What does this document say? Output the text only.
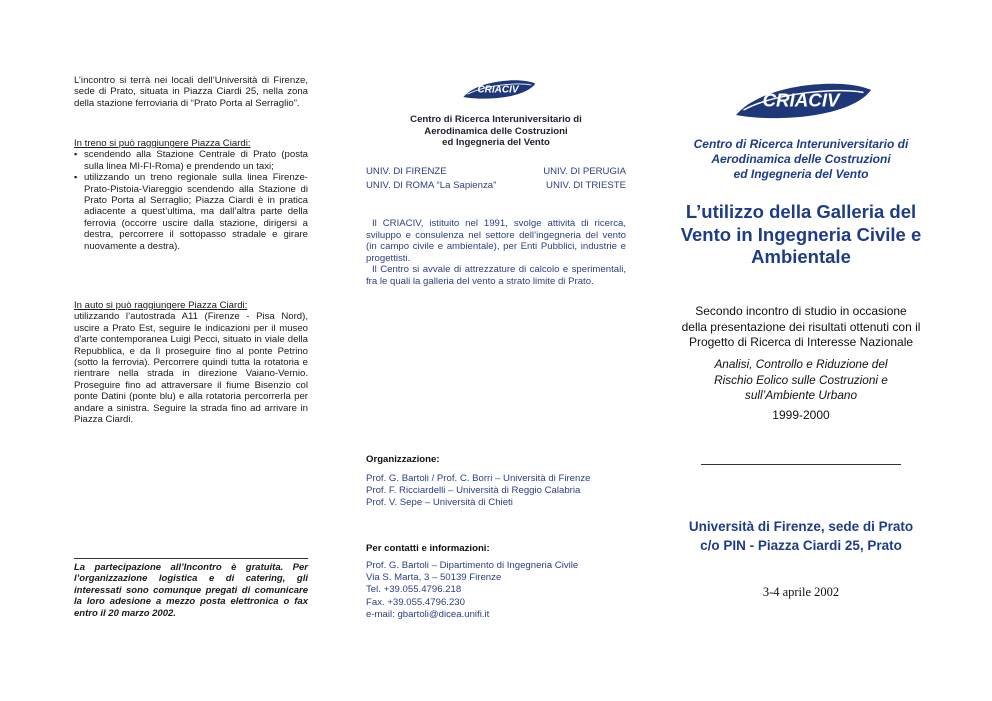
L’incontro si terrà nei locali dell’Università di Firenze, sede di Prato, situata in Piazza Ciardi 25, nella zona della stazione ferroviaria di “Prato Porta al Serraglio”.

In treno si può raggiungere Piazza Ciardi:

▪ scendendo alla Stazione Centrale di Prato (posta sulla linea MI-FI-Roma) e prendendo un taxi;
▪ utilizzando un treno regionale sulla linea Firenze-Prato-Pistoia-Viareggio scendendo alla Stazione di Prato Porta al Serraglio; Piazza Ciardi è in pratica adiacente a quest’ultima, ma dall’altra parte della ferrovia (occorre uscire dalla stazione, dirigersi a destra, percorrere il sottopasso stradale e girare nuovamente a destra).

In auto si può raggiungere Piazza Ciardi:

utilizzando l’autostrada A11 (Firenze - Pisa Nord), uscire a Prato Est, seguire le indicazioni per il museo d'arte contemporanea Luigi Pecci, situato in viale della Repubblica, e da lì proseguire fino al ponte Petrino (sotto la ferrovia). Percorrere quindi tutta la rotatoria e rientrare nella strada in direzione Vaiano-Vernio. Proseguire fino ad attraversare il fiume Bisenzio col ponte Datini (ponte blu) e alla rotatoria percorrerla per andare a sinistra. Seguire la strada fino ad arrivare in Piazza Ciardi.

La partecipazione all’Incontro è gratuita. Per l’organizzazione logistica e di catering, gli interessati sono comunque pregati di comunicare la loro adesione a mezzo posta elettronica o fax entro il 20 marzo 2002.

CRIACIV

Centro di Ricerca Interuniversitario di

Aerodinamica delle Costruzioni

ed Ingegneria del Vento

UNIV. DI FIRENZE	UNIV. DI PERUGIA
UNIV. DI ROMA “La Sapienza”	UNIV. DI TRIESTE

Il CRIACIV, istituito nel 1991, svolge attività di ricerca, sviluppo e consulenza nel settore dell’ingegneria del vento (in campo civile e ambientale), per Enti Pubblici, industrie e progettisti.

Il Centro si avvale di attrezzature di calcolo e sperimentali, fra le quali la galleria del vento a strato limite di Prato.

Organizzazione:

Prof. G. Bartoli / Prof. C. Borri – Università di Firenze

Prof. F. Ricciardelli – Università di Reggio Calabria

Prof. V. Sepe – Università di Chieti

Per contatti e informazioni:

Prof. G. Bartoli – Dipartimento di Ingegneria Civile

Via S. Marta, 3 – 50139 Firenze

Tel. +39.055.4796.218

Fax. +39.055.4796.230

e-mail: gbartoli@dicea.unifi.it

CRIACIV

Centro di Ricerca Interuniversitario di

Aerodinamica delle Costruzioni

ed Ingegneria del Vento

L’utilizzo della Galleria del

Vento in Ingegneria Civile e

Ambientale

Secondo incontro di studio in occasione

della presentazione dei risultati ottenuti con il

Progetto di Ricerca di Interesse Nazionale

Analisi, Controllo e Riduzione del

Rischio Eolico sulle Costruzioni e

sull’Ambiente Urbano

1999-2000

Università di Firenze, sede di Prato

c/o PIN - Piazza Ciardi 25, Prato

3-4 aprile 2002
